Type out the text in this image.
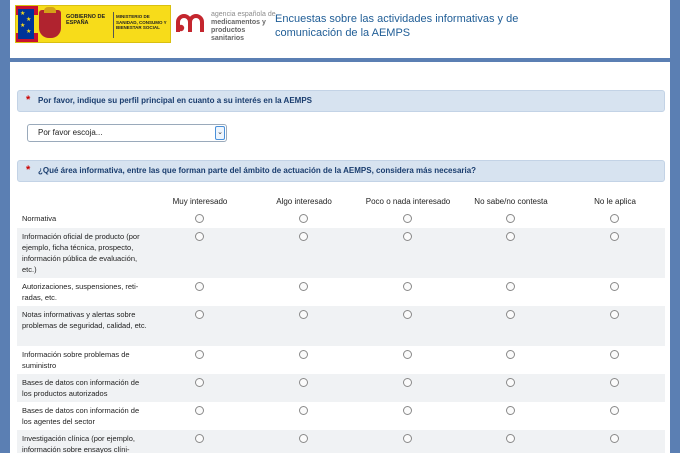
★
★
★
★
GOBIERNO DE ESPAÑA
MINISTERIO DE SANIDAD, CONSUMO Y BIENESTAR SOCIAL
agencia española de
medicamentos y
productos sanitarios
Encuestas sobre las actividades informativas y de comunicación de la AEMPS
* Por favor, indique su perfil principal en cuanto a su interés en la AEMPS
Por favor escoja...	⌄
* ¿Qué área informativa, entre las que forman parte del ámbito de actuación de la AEMPS, considera más necesaria?
Muy interesado	Algo interesado	Poco o nada interesado	No sabe/no contesta	No le aplica
Normativa
Información oficial de producto (por ejemplo, ficha técnica, prospecto, información pública de evaluación, etc.)
Autorizaciones, suspensiones, reti-radas, etc.
Notas informativas y alertas sobre problemas de seguridad, calidad, etc.
Información sobre problemas de suministro
Bases de datos con información de los productos autorizados
Bases de datos con información de los agentes del sector
Investigación clínica (por ejemplo, información sobre ensayos clíni-
